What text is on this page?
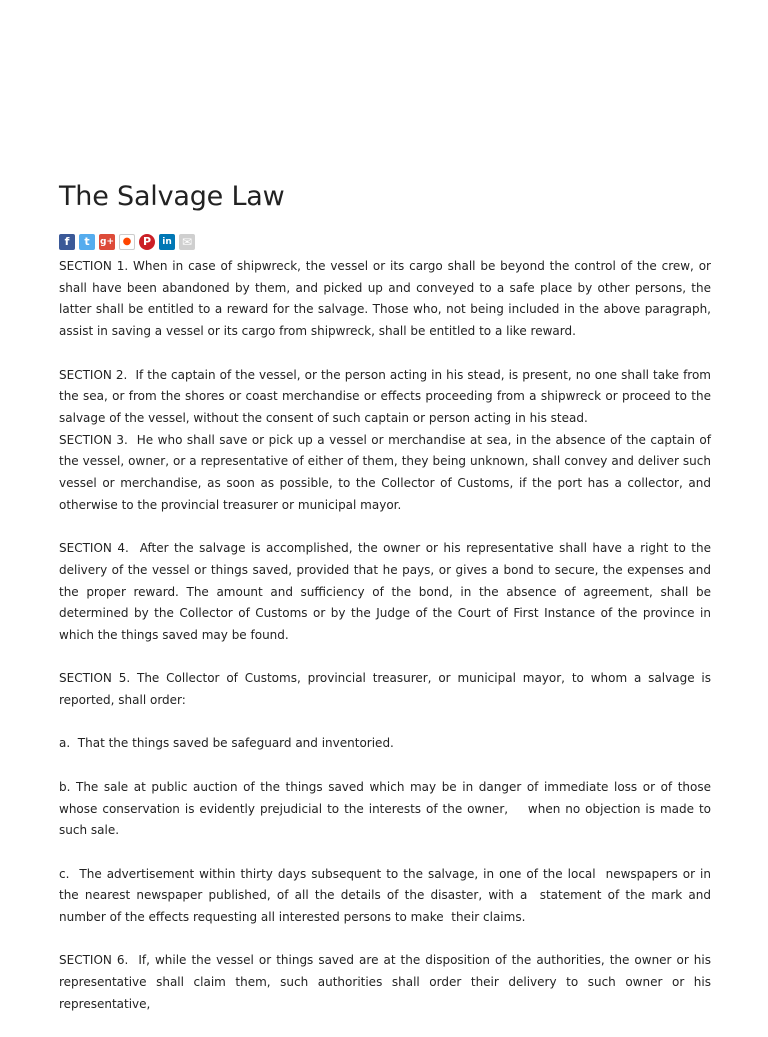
The Salvage Law
f	t	g+ ●	P	in ✉

SECTION 1. When in case of shipwreck, the vessel or its cargo shall be beyond the control of the crew, or shall have been abandoned by them, and picked up and conveyed to a safe place by other persons, the latter shall be entitled to a reward for the salvage. Those who, not being included in the above paragraph, assist in saving a vessel or its cargo from shipwreck, shall be entitled to a like reward.

SECTION 2.  If the captain of the vessel, or the person acting in his stead, is present, no one shall take from the sea, or from the shores or coast merchandise or effects proceeding from a shipwreck or proceed to the salvage of the vessel, without the consent of such captain or person acting in his stead.

SECTION 3.  He who shall save or pick up a vessel or merchandise at sea, in the absence of the captain of the vessel, owner, or a representative of either of them, they being unknown, shall convey and deliver such vessel or merchandise, as soon as possible, to the Collector of Customs, if the port has a collector, and otherwise to the provincial treasurer or municipal mayor.

SECTION 4.  After the salvage is accomplished, the owner or his representative shall have a right to the delivery of the vessel or things saved, provided that he pays, or gives a bond to secure, the expenses and the proper reward. The amount and sufficiency of the bond, in the absence of agreement, shall be determined by the Collector of Customs or by the Judge of the Court of First Instance of the province in which the things saved may be found.

SECTION 5. The Collector of Customs, provincial treasurer, or municipal mayor, to whom a salvage is reported, shall order:

a.  That the things saved be safeguard and inventoried.

b. The sale at public auction of the things saved which may be in danger of immediate loss or of those whose conservation is evidently prejudicial to the interests of the owner,    when no objection is made to such sale.

c.  The advertisement within thirty days subsequent to the salvage, in one of the local  newspapers or in the nearest newspaper published, of all the details of the disaster, with a  statement of the mark and number of the effects requesting all interested persons to make  their claims.

SECTION 6.  If, while the vessel or things saved are at the disposition of the authorities, the owner or his representative shall claim them, such authorities shall order their delivery to such owner or his representative,
